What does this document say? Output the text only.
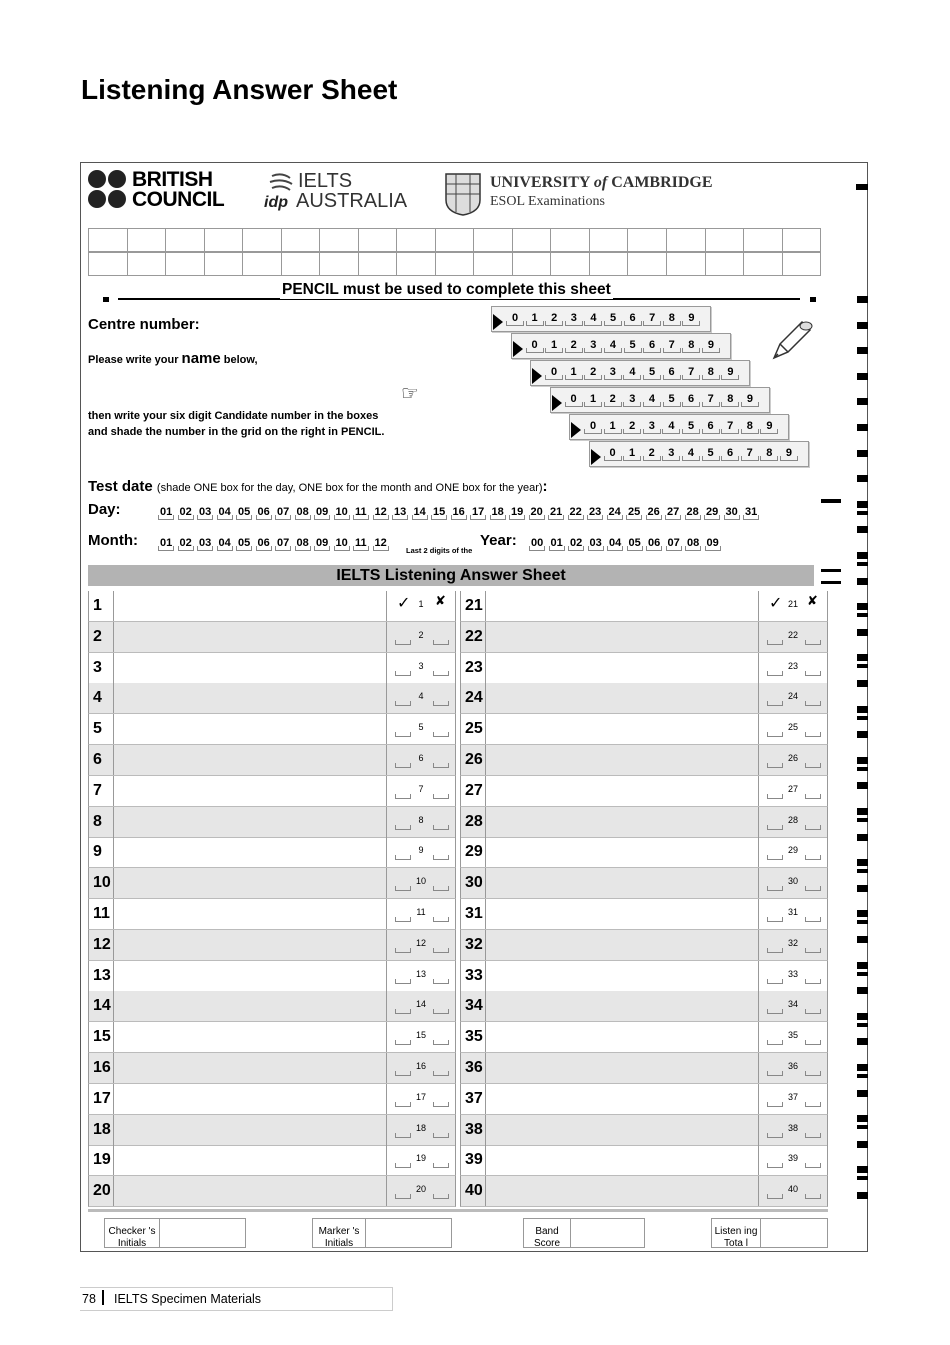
Listening Answer Sheet
BRITISH
COUNCIL
IELTS
idp AUSTRALIA
UNIVERSITY of CAMBRIDGE
ESOL Examinations
PENCIL must be used to complete this sheet
Centre number:
Please write your name below,
☞
then write your six digit Candidate number in the boxes
and shade the number in the grid on the right in PENCIL.
Test date (shade ONE box for the day, ONE box for the month and ONE box for the year):
Day:
Month:
Last 2 digits of the
Year:
IELTS Listening Answer Sheet
Checker 's
Initials
Marker 's
Initials
Band
Score
Listen ing
Tota l
78 IELTS Specimen Materials
0 1 2 3 4 5 6 7 8 9
0 1 2 3 4 5 6 7 8 9
0 1 2 3 4 5 6 7 8 9
0 1 2 3 4 5 6 7 8 9
0 1 2 3 4 5 6 7 8 9
0 1 2 3 4 5 6 7 8 9
01 02 03 04 05 06 07 08 09 10 11 12 13 14 15 16 17 18 19 20 21 22 23 24 25 26 27 28 29 30 31
01 02 03 04 05 06 07 08 09 10 11 12	00 01 02 03 04 05 06 07 08 09
1	1
✓ ✘
2	2
3	3
4	4
5	5
6	6
7	7
8	8
9	9
10	10
11	11
12	12
13	13
14	14
15	15
16	16
17	17
18	18
19	19
20	20
21	21
✓ ✘
22	22
23	23
24	24
25	25
26	26
27	27
28	28
29	29
30	30
31	31
32	32
33	33
34	34
35	35
36	36
37	37
38	38
39	39
40	40
